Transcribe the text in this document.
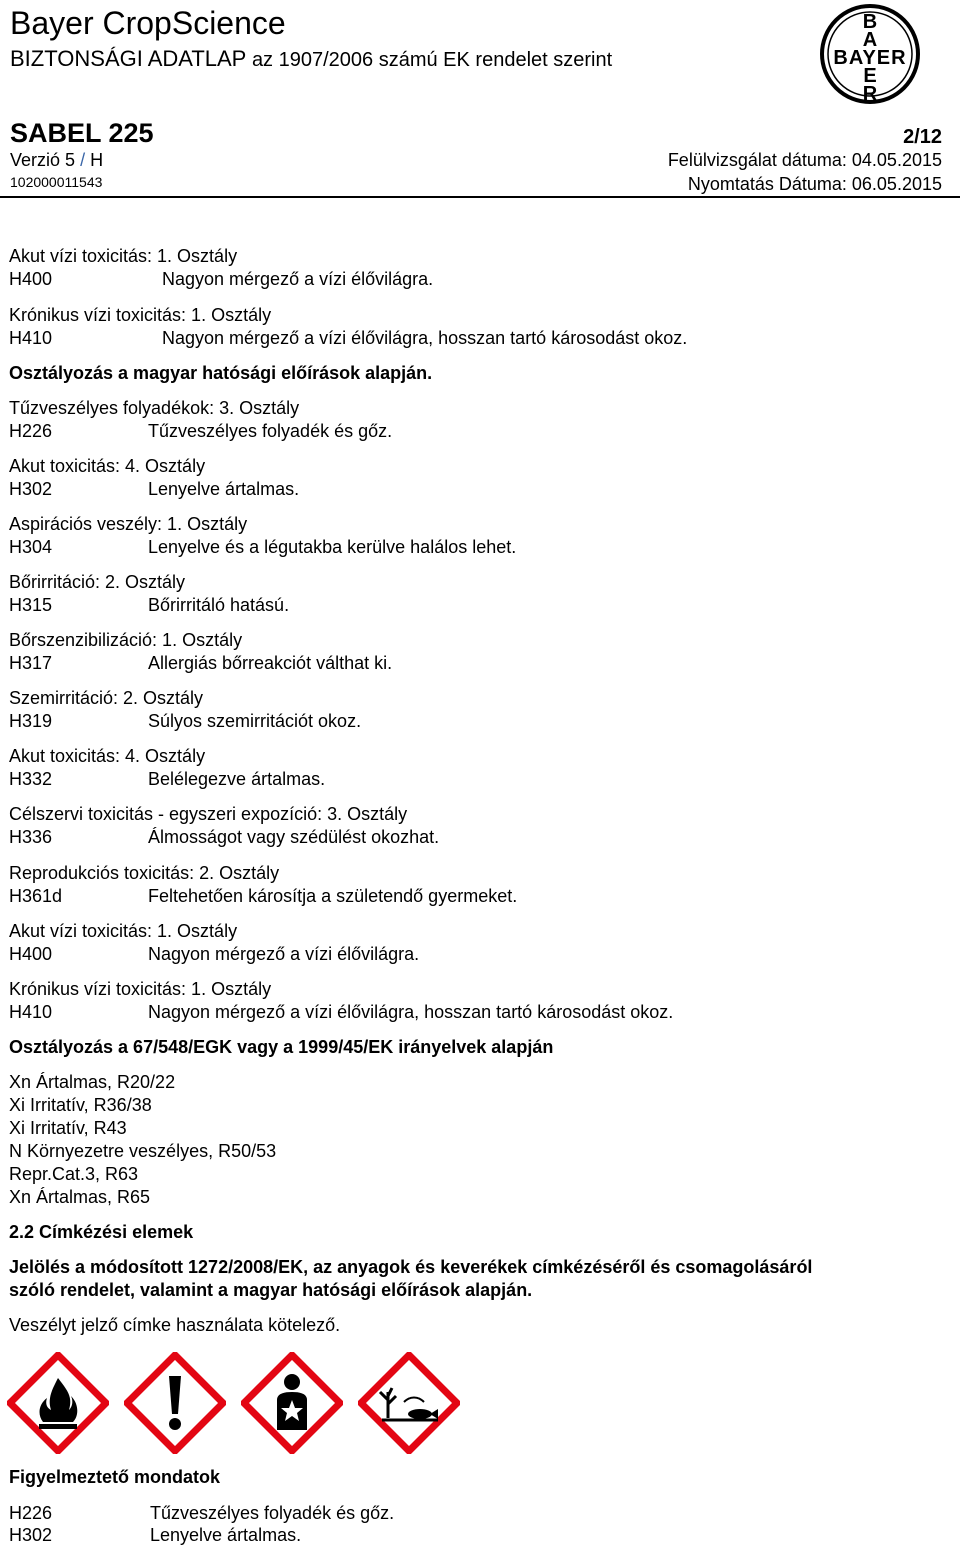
Bayer CropScience
BIZTONSÁGI ADATLAP az 1907/2006 számú EK rendelet szerint
B
A
BAYER
E
R
SABEL 225	2/12
Verzió 5 / H
102000011543
Felülvizsgálat dátuma: 04.05.2015
Nyomtatás Dátuma: 06.05.2015
Akut vízi toxicitás: 1. Osztály
H400	Nagyon mérgező a vízi élővilágra.
Krónikus vízi toxicitás: 1. Osztály
H410	Nagyon mérgező a vízi élővilágra, hosszan tartó károsodást okoz.
Osztályozás a magyar hatósági előírások alapján.
Tűzveszélyes folyadékok: 3. Osztály
H226	Tűzveszélyes folyadék és gőz.
Akut toxicitás: 4. Osztály
H302	Lenyelve ártalmas.
Aspirációs veszély: 1. Osztály
H304	Lenyelve és a légutakba kerülve halálos lehet.
Bőrirritáció: 2. Osztály
H315	Bőrirritáló hatású.
Bőrszenzibilizáció: 1. Osztály
H317	Allergiás bőrreakciót válthat ki.
Szemirritáció: 2. Osztály
H319	Súlyos szemirritációt okoz.
Akut toxicitás: 4. Osztály
H332	Belélegezve ártalmas.
Célszervi toxicitás - egyszeri expozíció: 3. Osztály
H336	Álmosságot vagy szédülést okozhat.
Reprodukciós toxicitás: 2. Osztály
H361d	Feltehetően károsítja a születendő gyermeket.
Akut vízi toxicitás: 1. Osztály
H400	Nagyon mérgező a vízi élővilágra.
Krónikus vízi toxicitás: 1. Osztály
H410	Nagyon mérgező a vízi élővilágra, hosszan tartó károsodást okoz.
Osztályozás a 67/548/EGK vagy a 1999/45/EK irányelvek alapján
Xn Ártalmas, R20/22
Xi Irritatív, R36/38
Xi Irritatív, R43
N Környezetre veszélyes, R50/53
Repr.Cat.3, R63
Xn Ártalmas, R65
2.2 Címkézési elemek
Jelölés a módosított 1272/2008/EK, az anyagok és keverékek címkézéséről és csomagolásáról
szóló rendelet, valamint a magyar hatósági előírások alapján.
Veszélyt jelző címke használata kötelező.
Figyelmeztető mondatok
H226	Tűzveszélyes folyadék és gőz.
H302	Lenyelve ártalmas.
